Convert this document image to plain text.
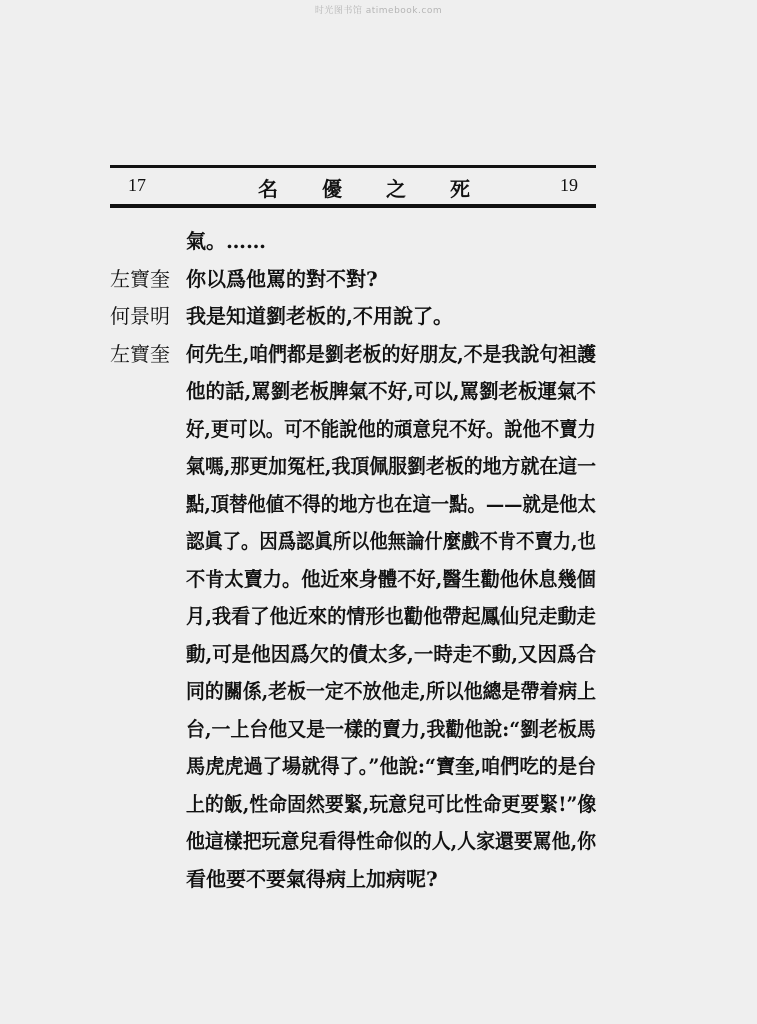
时光图书馆 atimebook.com
17	名優之死	19
左寶奎
何景明
左寶奎
氣。……
你以爲他罵的對不對?
我是知道劉老板的,不用說了。
何先生,咱們都是劉老板的好朋友,不是我說句袒護
他的話,罵劉老板脾氣不好,可以,罵劉老板運氣不
好,更可以。可不能說他的頑意兒不好。說他不賣力
氣嗎,那更加冤枉,我頂佩服劉老板的地方就在這一
點,頂替他値不得的地方也在這一點。——就是他太
認眞了。因爲認眞所以他無論什麼戲不肯不賣力,也
不肯太賣力。他近來身體不好,醫生勸他休息幾個
月,我看了他近來的情形也勸他帶起鳳仙兒走動走
動,可是他因爲欠的債太多,一時走不動,又因爲合
同的關係,老板一定不放他走,所以他總是帶着病上
台,一上台他又是一樣的賣力,我勸他說:“劉老板馬
馬虎虎過了場就得了。”他說:“寶奎,咱們吃的是台
上的飯,性命固然要緊,玩意兒可比性命更要緊!”像
他這樣把玩意兒看得性命似的人,人家還要罵他,你
看他要不要氣得病上加病呢?
